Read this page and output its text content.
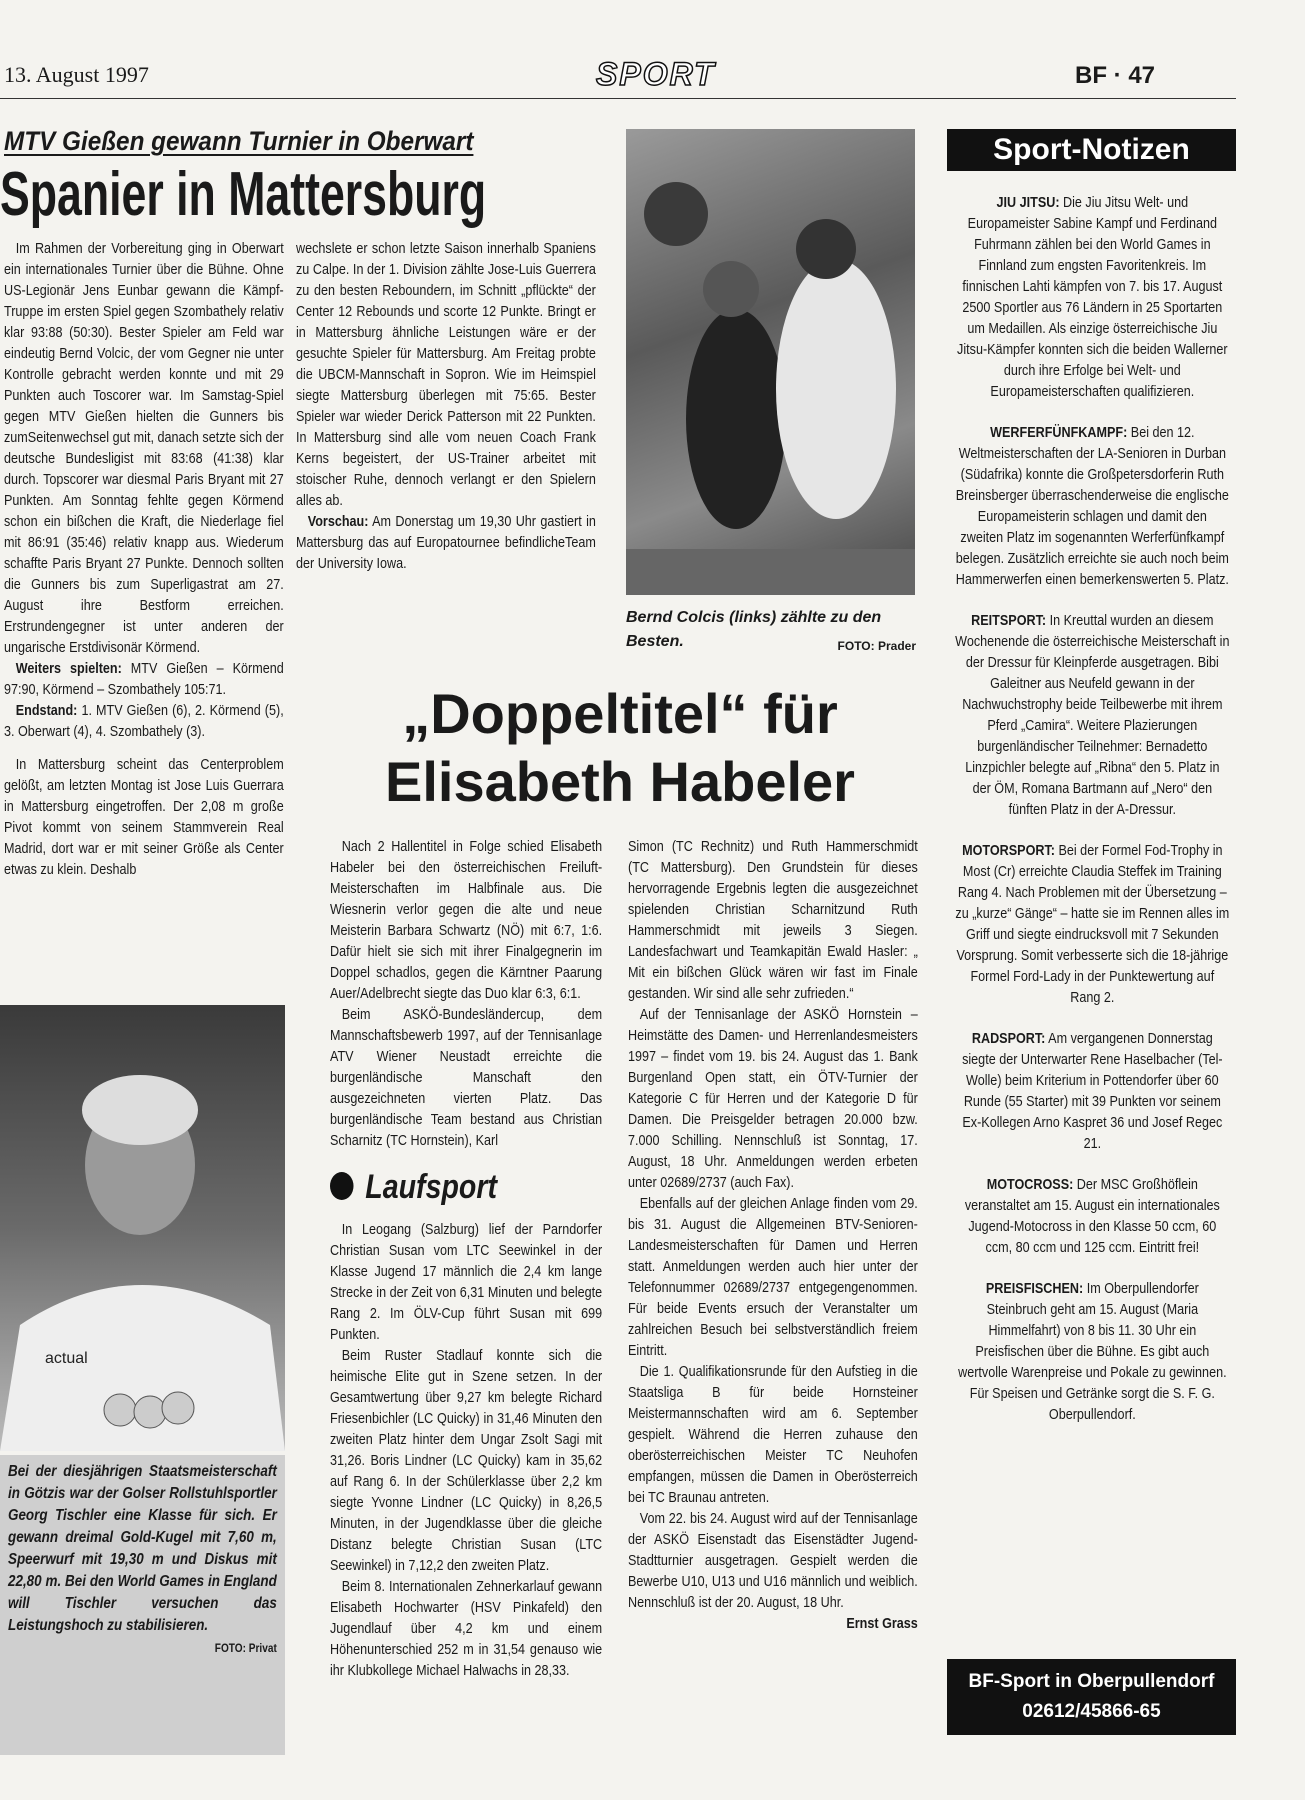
13. August 1997	SPORT	BF · 47
MTV Gießen gewann Turnier in Oberwart
Spanier in Mattersburg

Im Rahmen der Vorbereitung ging in Oberwart ein internationales Turnier über die Bühne. Ohne US-Legionär Jens Eunbar gewann die Kämpf-Truppe im ersten Spiel gegen Szombathely relativ klar 93:88 (50:30). Bester Spieler am Feld war eindeutig Bernd Volcic, der vom Gegner nie unter Kontrolle gebracht werden konnte und mit 29 Punkten auch Toscorer war. Im Samstag-Spiel gegen MTV Gießen hielten die Gunners bis zumSeitenwechsel gut mit, danach setzte sich der deutsche Bundesligist mit 83:68 (41:38) klar durch. Topscorer war diesmal Paris Bryant mit 27 Punkten. Am Sonntag fehlte gegen Körmend schon ein bißchen die Kraft, die Niederlage fiel mit 86:91 (35:46) relativ knapp aus. Wiederum schaffte Paris Bryant 27 Punkte. Dennoch sollten die Gunners bis zum Superligastrat am 27. August ihre Bestform erreichen. Erstrundengegner ist unter anderen der ungarische Erstdivisonär Körmend.

Weiters spielten: MTV Gießen – Körmend 97:90, Körmend – Szombathely 105:71.

Endstand: 1. MTV Gießen (6), 2. Körmend (5), 3. Oberwart (4), 4. Szombathely (3).

In Mattersburg scheint das Centerproblem gelößt, am letzten Montag ist Jose Luis Guerrara in Mattersburg eingetroffen. Der 2,08 m große Pivot kommt von seinem Stammverein Real Madrid, dort war er mit seiner Größe als Center etwas zu klein. Deshalb

wechslete er schon letzte Saison innerhalb Spaniens zu Calpe. In der 1. Division zählte Jose-Luis Guerrera zu den besten Reboundern, im Schnitt „pflückte“ der Center 12 Rebounds und scorte 12 Punkte. Bringt er in Mattersburg ähnliche Leistungen wäre er der gesuchte Spieler für Mattersburg. Am Freitag probte die UBCM-Mannschaft in Sopron. Wie im Heimspiel siegte Mattersburg überlegen mit 75:65. Bester Spieler war wieder Derick Patterson mit 22 Punkten. In Mattersburg sind alle vom neuen Coach Frank Kerns begeistert, der US-Trainer arbeitet mit stoischer Ruhe, dennoch verlangt er den Spielern alles ab.

Vorschau: Am Donerstag um 19,30 Uhr gastiert in Mattersburg das auf Europatournee befindlicheTeam der University Iowa.

Bernd Colcis (links) zählte zu den Besten.	FOTO: Prader
actual
Bei der diesjährigen Staatsmeisterschaft in Götzis war der Golser Rollstuhlsportler Georg Tischler eine Klasse für sich. Er gewann dreimal Gold-Kugel mit 7,60 m, Speerwurf mit 19,30 m und Diskus mit 22,80 m. Bei den World Games in England will Tischler versuchen das Leistungshoch zu stabilisieren.
FOTO: Privat
„Doppeltitel“ für Elisabeth Habeler

Nach 2 Hallentitel in Folge schied Elisabeth Habeler bei den österreichischen Freiluft-Meisterschaften im Halbfinale aus. Die Wiesnerin verlor gegen die alte und neue Meisterin Barbara Schwartz (NÖ) mit 6:7, 1:6. Dafür hielt sie sich mit ihrer Finalgegnerin im Doppel schadlos, gegen die Kärntner Paarung Auer/Adelbrecht siegte das Duo klar 6:3, 6:1.

Beim ASKÖ-Bundesländercup, dem Mannschaftsbewerb 1997, auf der Tennisanlage ATV Wiener Neustadt erreichte die burgenländische Manschaft den ausgezeichneten vierten Platz. Das burgenländische Team bestand aus Christian Scharnitz (TC Hornstein), Karl

Laufsport

In Leogang (Salzburg) lief der Parndorfer Christian Susan vom LTC Seewinkel in der Klasse Jugend 17 männlich die 2,4 km lange Strecke in der Zeit von 6,31 Minuten und belegte Rang 2. Im ÖLV-Cup führt Susan mit 699 Punkten.

Beim Ruster Stadlauf konnte sich die heimische Elite gut in Szene setzen. In der Gesamtwertung über 9,27 km belegte Richard Friesenbichler (LC Quicky) in 31,46 Minuten den zweiten Platz hinter dem Ungar Zsolt Sagi mit 31,26. Boris Lindner (LC Quicky) kam in 35,62 auf Rang 6. In der Schülerklasse über 2,2 km siegte Yvonne Lindner (LC Quicky) in 8,26,5 Minuten, in der Jugendklasse über die gleiche Distanz belegte Christian Susan (LTC Seewinkel) in 7,12,2 den zweiten Platz.

Beim 8. Internationalen Zehnerkarlauf gewann Elisabeth Hochwarter (HSV Pinkafeld) den Jugendlauf über 4,2 km und einem Höhenunterschied 252 m in 31,54 genauso wie ihr Klubkollege Michael Halwachs in 28,33.

Simon (TC Rechnitz) und Ruth Hammerschmidt (TC Mattersburg). Den Grundstein für dieses hervorragende Ergebnis legten die ausgezeichnet spielenden Christian Scharnitzund Ruth Hammerschmidt mit jeweils 3 Siegen. Landesfachwart und Teamkapitän Ewald Hasler: „ Mit ein bißchen Glück wären wir fast im Finale gestanden. Wir sind alle sehr zufrieden.“

Auf der Tennisanlage der ASKÖ Hornstein – Heimstätte des Damen- und Herrenlandesmeisters 1997 – findet vom 19. bis 24. August das 1. Bank Burgenland Open statt, ein ÖTV-Turnier der Kategorie C für Herren und der Kategorie D für Damen. Die Preisgelder betragen 20.000 bzw. 7.000 Schilling. Nennschluß ist Sonntag, 17. August, 18 Uhr. Anmeldungen werden erbeten unter 02689/2737 (auch Fax).

Ebenfalls auf der gleichen Anlage finden vom 29. bis 31. August die Allgemeinen BTV-Senioren-Landesmeisterschaften für Damen und Herren statt. Anmeldungen werden auch hier unter der Telefonnummer 02689/2737 entgegengenommen. Für beide Events ersuch der Veranstalter um zahlreichen Besuch bei selbstverständlich freiem Eintritt.

Die 1. Qualifikationsrunde für den Aufstieg in die Staatsliga B für beide Hornsteiner Meistermannschaften wird am 6. September gespielt. Während die Herren zuhause den oberösterreichischen Meister TC Neuhofen empfangen, müssen die Damen in Oberösterreich bei TC Braunau antreten.

Vom 22. bis 24. August wird auf der Tennisanlage der ASKÖ Eisenstadt das Eisenstädter Jugend-Stadtturnier ausgetragen. Gespielt werden die Bewerbe U10, U13 und U16 männlich und weiblich. Nennschluß ist der 20. August, 18 Uhr.

Ernst Grass
Sport-Notizen

JIU JITSU: Die Jiu Jitsu Welt- und Europameister Sabine Kampf und Ferdinand Fuhrmann zählen bei den World Games in Finnland zum engsten Favoritenkreis. Im finnischen Lahti kämpfen von 7. bis 17. August 2500 Sportler aus 76 Ländern in 25 Sportarten um Medaillen. Als einzige österreichische Jiu Jitsu-Kämpfer konnten sich die beiden Wallerner durch ihre Erfolge bei Welt- und Europameisterschaften qualifizieren.

WERFERFÜNFKAMPF: Bei den 12. Weltmeisterschaften der LA-Senioren in Durban (Südafrika) konnte die Großpetersdorferin Ruth Breinsberger überraschenderweise die englische Europameisterin schlagen und damit den zweiten Platz im sogenannten Werferfünfkampf belegen. Zusätzlich erreichte sie auch noch beim Hammerwerfen einen bemerkenswerten 5. Platz.

REITSPORT: In Kreuttal wurden an diesem Wochenende die österreichische Meisterschaft in der Dressur für Kleinpferde ausgetragen. Bibi Galeitner aus Neufeld gewann in der Nachwuchstrophy beide Teilbewerbe mit ihrem Pferd „Camira“. Weitere Plazierungen burgenländischer Teilnehmer: Bernadetto Linzpichler belegte auf „Ribna“ den 5. Platz in der ÖM, Romana Bartmann auf „Nero“ den fünften Platz in der A-Dressur.

MOTORSPORT: Bei der Formel Fod-Trophy in Most (Cr) erreichte Claudia Steffek im Training Rang 4. Nach Problemen mit der Übersetzung – zu „kurze“ Gänge“ – hatte sie im Rennen alles im Griff und siegte eindrucksvoll mit 7 Sekunden Vorsprung. Somit verbesserte sich die 18-jährige Formel Ford-Lady in der Punktewertung auf Rang 2.

RADSPORT: Am vergangenen Donnerstag siegte der Unterwarter Rene Haselbacher (Tel-Wolle) beim Kriterium in Pottendorfer über 60 Runde (55 Starter) mit 39 Punkten vor seinem Ex-Kollegen Arno Kaspret 36 und Josef Regec 21.

MOTOCROSS: Der MSC Großhöflein veranstaltet am 15. August ein internationales Jugend-Motocross in den Klasse 50 ccm, 60 ccm, 80 ccm und 125 ccm. Eintritt frei!

PREISFISCHEN: Im Oberpullendorfer Steinbruch geht am 15. August (Maria Himmelfahrt) von 8 bis 11. 30 Uhr ein Preisfischen über die Bühne. Es gibt auch wertvolle Warenpreise und Pokale zu gewinnen. Für Speisen und Getränke sorgt die S. F. G. Oberpullendorf.

BF-Sport in Oberpullendorf
02612/45866-65
